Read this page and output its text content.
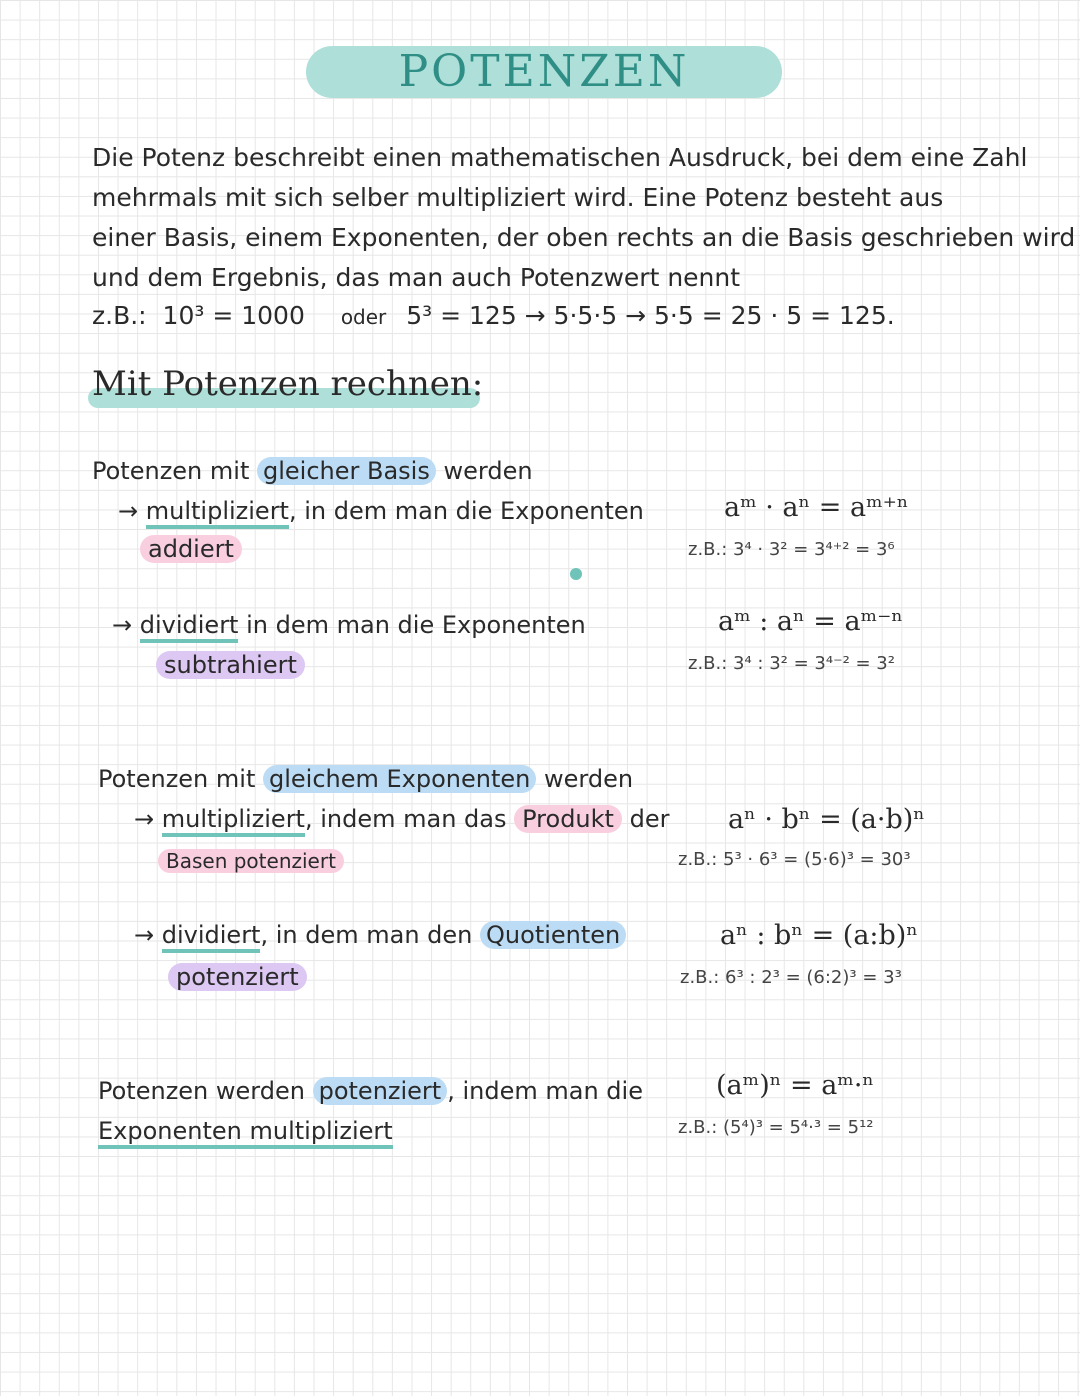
POTENZEN
Die Potenz beschreibt einen mathematischen Ausdruck, bei dem eine Zahl
mehrmals mit sich selber multipliziert wird. Eine Potenz besteht aus
einer Basis, einem Exponenten, der oben rechts an die Basis geschrieben wird
und dem Ergebnis, das man auch Potenzwert nennt
z.B.: 10³ = 1000 oder 5³ = 125 → 5·5·5 → 5·5 = 25 · 5 = 125.
Mit Potenzen rechnen:
Potenzen mit gleicher Basis werden
→ multipliziert, in dem man die Exponenten
addiert
aᵐ · aⁿ = aᵐ⁺ⁿ
z.B.: 3⁴ · 3² = 3⁴⁺² = 3⁶
→ dividiert in dem man die Exponenten
subtrahiert
aᵐ : aⁿ = aᵐ⁻ⁿ
z.B.: 3⁴ : 3² = 3⁴⁻² = 3²
Potenzen mit gleichem Exponenten werden
→ multipliziert, indem man das Produkt der
Basen potenziert
aⁿ · bⁿ = (a·b)ⁿ
z.B.: 5³ · 6³ = (5·6)³ = 30³
→ dividiert, in dem man den Quotienten
potenziert
aⁿ : bⁿ = (a:b)ⁿ
z.B.: 6³ : 2³ = (6:2)³ = 3³
Potenzen werden potenziert , indem man die
Exponenten multipliziert
(aᵐ)ⁿ = aᵐ·ⁿ
z.B.: (5⁴)³ = 5⁴·³ = 5¹²
